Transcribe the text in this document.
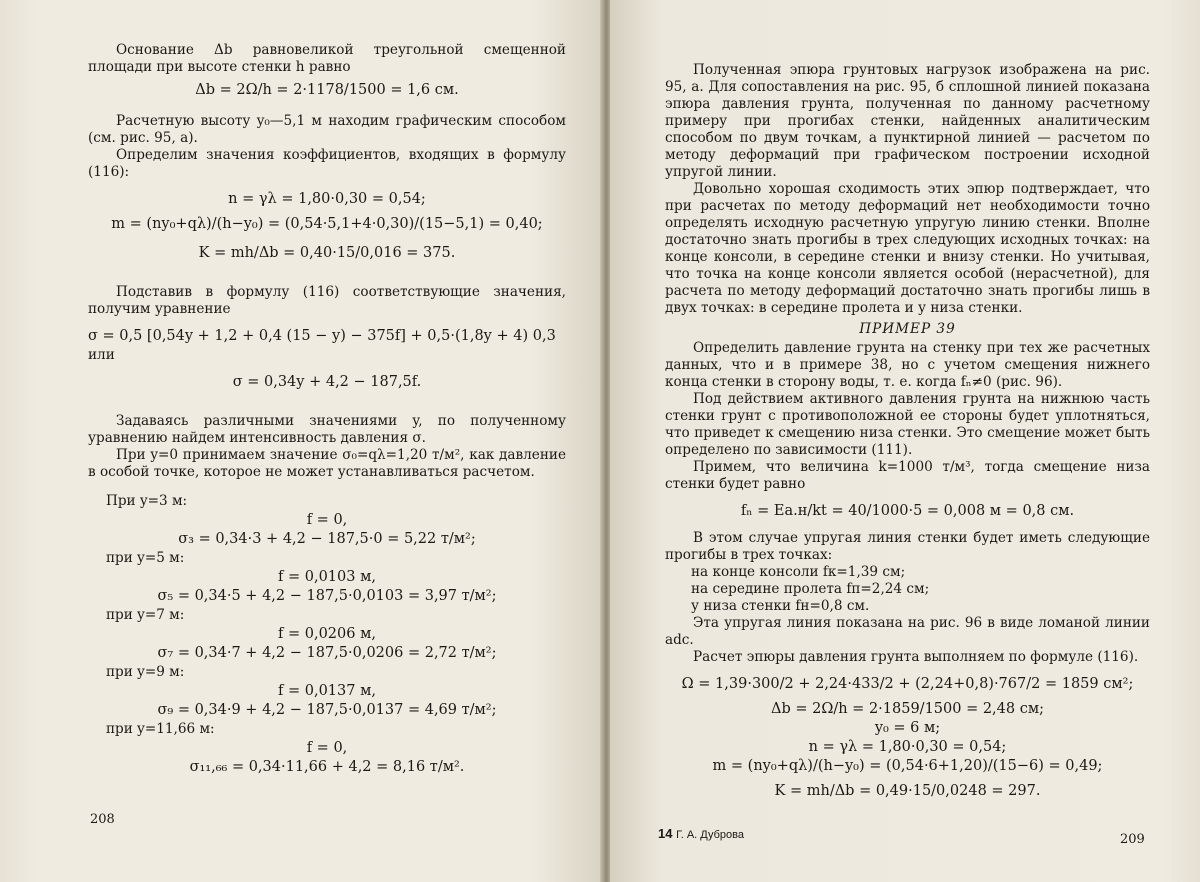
Основание Δb равновеликой треугольной смещенной площади при высоте стенки h равно

Δb = 2Ω/h = 2·1178/1500 = 1,6 см.

Расчетную высоту y₀—5,1 м находим графическим способом (см. рис. 95, а).

Определим значения коэффициентов, входящих в формулу (116):

n = γλ = 1,80·0,30 = 0,54;
m = (ny₀+qλ)/(h−y₀) = (0,54·5,1+4·0,30)/(15−5,1) = 0,40;
K = mh/Δb = 0,40·15/0,016 = 375.

Подставив в формулу (116) соответствующие значения, получим уравнение

σ = 0,5 [0,54y + 1,2 + 0,4 (15 − y) − 375f] + 0,5·(1,8y + 4) 0,3

или

σ = 0,34y + 4,2 − 187,5f.

Задаваясь различными значениями y, по полученному уравнению найдем интенсивность давления σ.

При y=0 принимаем значение σ₀=qλ=1,20 т/м², как давление в особой точке, которое не может устанавливаться расчетом.

При y=3 м:

f = 0,
σ₃ = 0,34·3 + 4,2 − 187,5·0 = 5,22 т/м²;

при y=5 м:

f = 0,0103 м,
σ₅ = 0,34·5 + 4,2 − 187,5·0,0103 = 3,97 т/м²;

при y=7 м:

f = 0,0206 м,
σ₇ = 0,34·7 + 4,2 − 187,5·0,0206 = 2,72 т/м²;

при y=9 м:

f = 0,0137 м,
σ₉ = 0,34·9 + 4,2 − 187,5·0,0137 = 4,69 т/м²;

при y=11,66 м:

f = 0,
σ₁₁,₆₆ = 0,34·11,66 + 4,2 = 8,16 т/м².
208

Полученная эпюра грунтовых нагрузок изображена на рис. 95, а. Для сопоставления на рис. 95, б сплошной линией показана эпюра давления грунта, полученная по данному расчетному примеру при прогибах стенки, найденных аналитическим способом по двум точкам, а пунктирной линией — расчетом по методу деформаций при графическом построении исходной упругой линии.

Довольно хорошая сходимость этих эпюр подтверждает, что при расчетах по методу деформаций нет необходимости точно определять исходную расчетную упругую линию стенки. Вполне достаточно знать прогибы в трех следующих исходных точках: на конце консоли, в середине стенки и внизу стенки. Но учитывая, что точка на конце консоли является особой (нерасчетной), для расчета по методу деформаций достаточно знать прогибы лишь в двух точках: в середине пролета и у низа стенки.

ПРИМЕР 39

Определить давление грунта на стенку при тех же расчетных данных, что и в примере 38, но с учетом смещения нижнего конца стенки в сторону воды, т. е. когда fₙ≠0 (рис. 96).

Под действием активного давления грунта на нижнюю часть стенки грунт с противоположной ее стороны будет уплотняться, что приведет к смещению низа стенки. Это смещение может быть определено по зависимости (111).

Примем, что величина k=1000 т/м³, тогда смещение низа стенки будет равно

fₙ = Eа.н/kt = 40/1000·5 = 0,008 м = 0,8 см.

В этом случае упругая линия стенки будет иметь следующие прогибы в трех точках:

на конце консоли fк=1,39 см;

на середине пролета fп=2,24 см;

у низа стенки fн=0,8 см.

Эта упругая линия показана на рис. 96 в виде ломаной линии adc.

Расчет эпюры давления грунта выполняем по формуле (116).

Ω = 1,39·300/2 + 2,24·433/2 + (2,24+0,8)·767/2 = 1859 см²;
Δb = 2Ω/h = 2·1859/1500 = 2,48 см;
y₀ = 6 м;
n = γλ = 1,80·0,30 = 0,54;
m = (ny₀+qλ)/(h−y₀) = (0,54·6+1,20)/(15−6) = 0,49;
K = mh/Δb = 0,49·15/0,0248 = 297.
14 Г. А. Дуброва	209
